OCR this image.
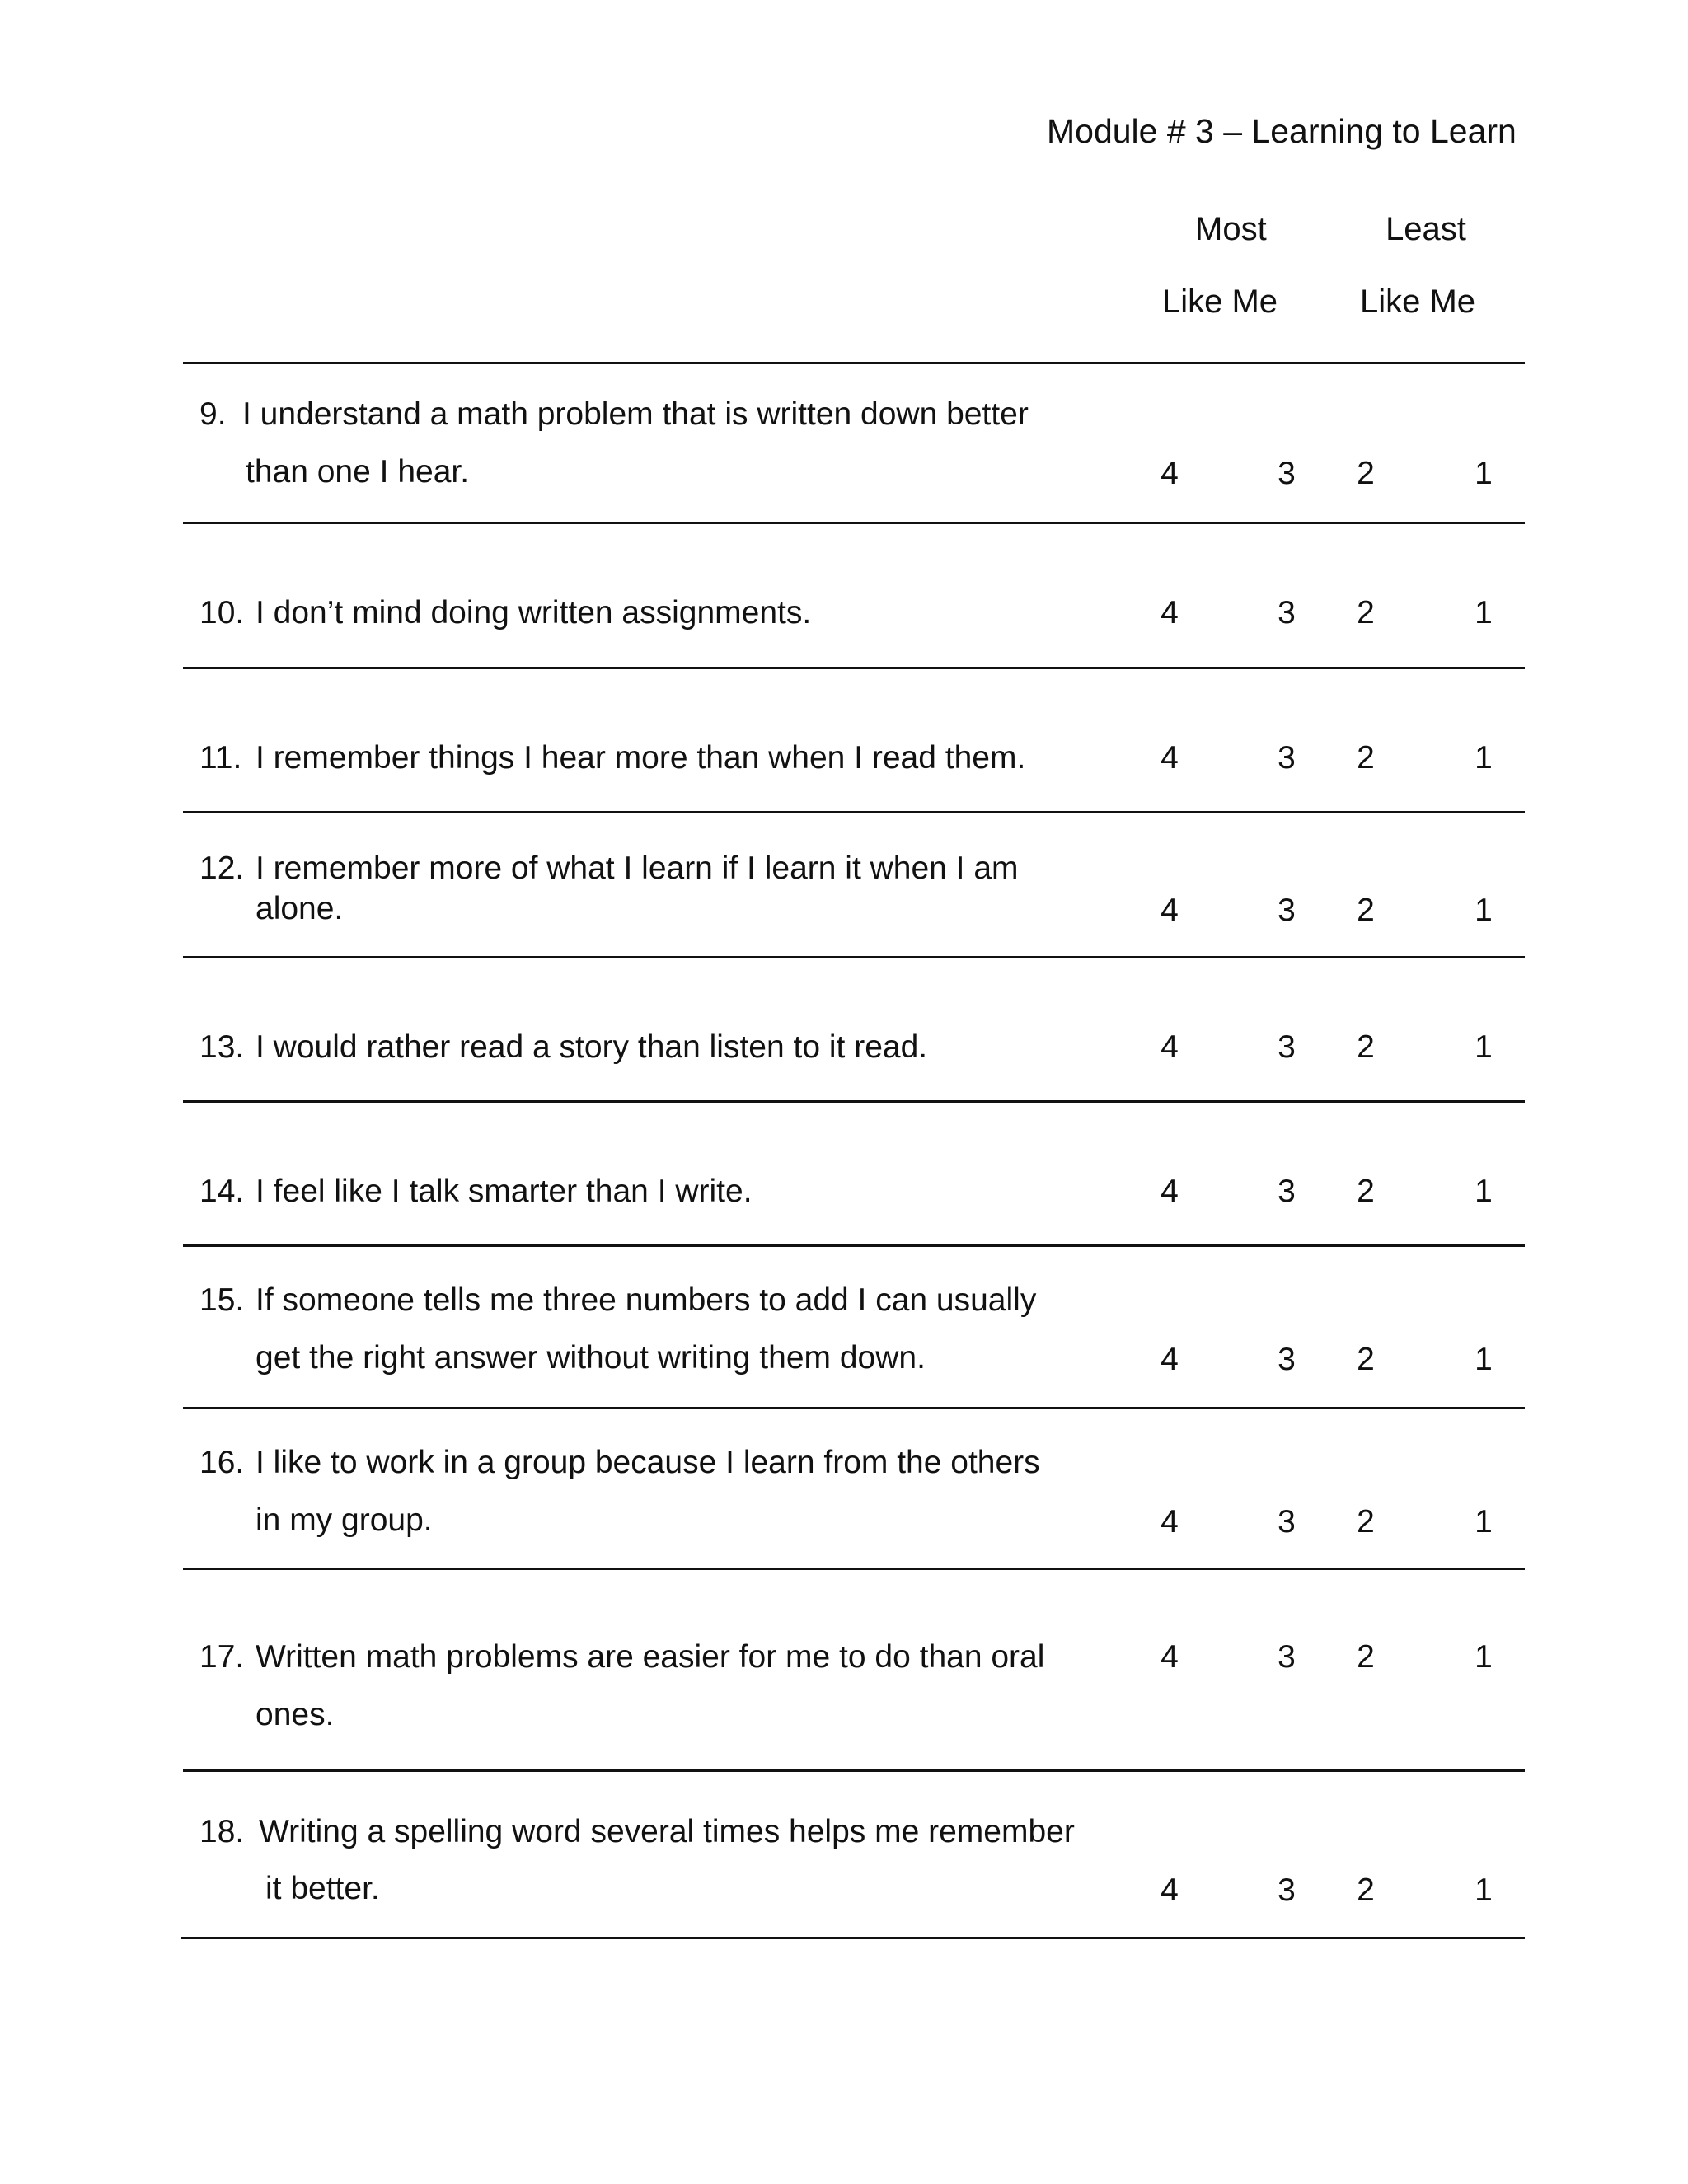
Module # 3 – Learning to Learn
Most
Like Me
Least
Like Me
9. I understand a math problem that is written down better
than one I hear.	4	3 2	1
10. I don’t mind doing written assignments.	4	3 2	1
11. I remember things I hear more than when I read them.	4	3 2	1
12. I remember more of what I learn if I learn it when I am
alone.	4	3 2	1
13. I would rather read a story than listen to it read.	4	3 2	1
14. I feel like I talk smarter than I write.	4	3 2	1
15. If someone tells me three numbers to add I can usually
get the right answer without writing them down.	4	3 2	1
16. I like to work in a group because I learn from the others
in my group.	4	3 2	1
17. Written math problems are easier for me to do than oral
ones.
4	3 2	1
18. Writing a spelling word several times helps me remember
it better.	4	3 2	1
